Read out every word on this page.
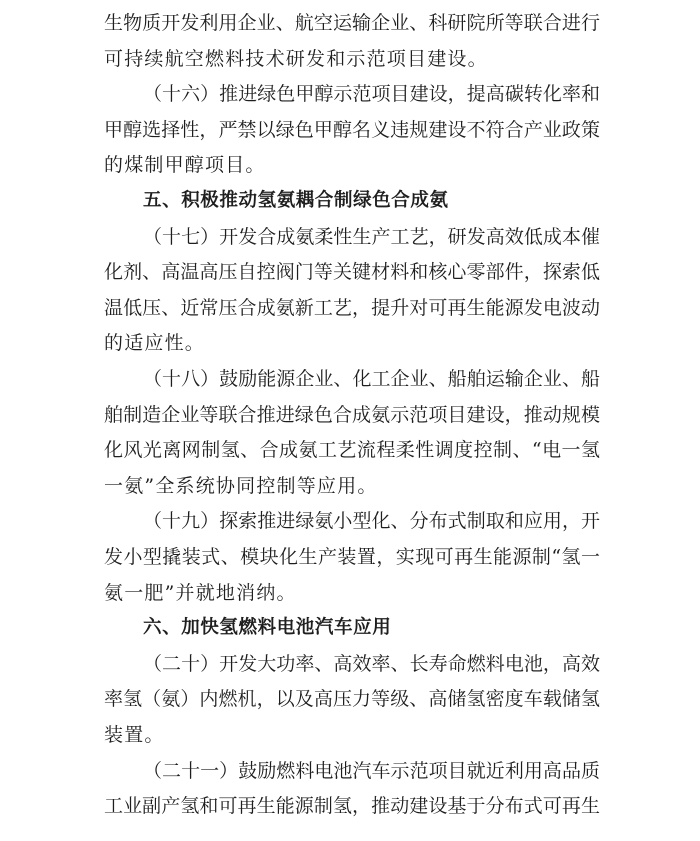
生物质开发利用企业、航空运输企业、科研院所等联合进行
可持续航空燃料技术研发和示范项目建设。
（十六）推进绿色甲醇示范项目建设，提高碳转化率和
甲醇选择性，严禁以绿色甲醇名义违规建设不符合产业政策
的煤制甲醇项目。
五、积极推动氢氨耦合制绿色合成氨
（十七）开发合成氨柔性生产工艺，研发高效低成本催
化剂、高温高压自控阀门等关键材料和核心零部件，探索低
温低压、近常压合成氨新工艺，提升对可再生能源发电波动
的适应性。
（十八）鼓励能源企业、化工企业、船舶运输企业、船
舶制造企业等联合推进绿色合成氨示范项目建设，推动规模
化风光离网制氢、合成氨工艺流程柔性调度控制、“电一氢
一氨”全系统协同控制等应用。
（十九）探索推进绿氨小型化、分布式制取和应用，开
发小型撬装式、模块化生产装置，实现可再生能源制“氢一
氨一肥”并就地消纳。
六、加快氢燃料电池汽车应用
（二十）开发大功率、高效率、长寿命燃料电池，高效
率氢（氨）内燃机，以及高压力等级、高储氢密度车载储氢
装置。
（二十一）鼓励燃料电池汽车示范项目就近利用高品质
工业副产氢和可再生能源制氢，推动建设基于分布式可再生
